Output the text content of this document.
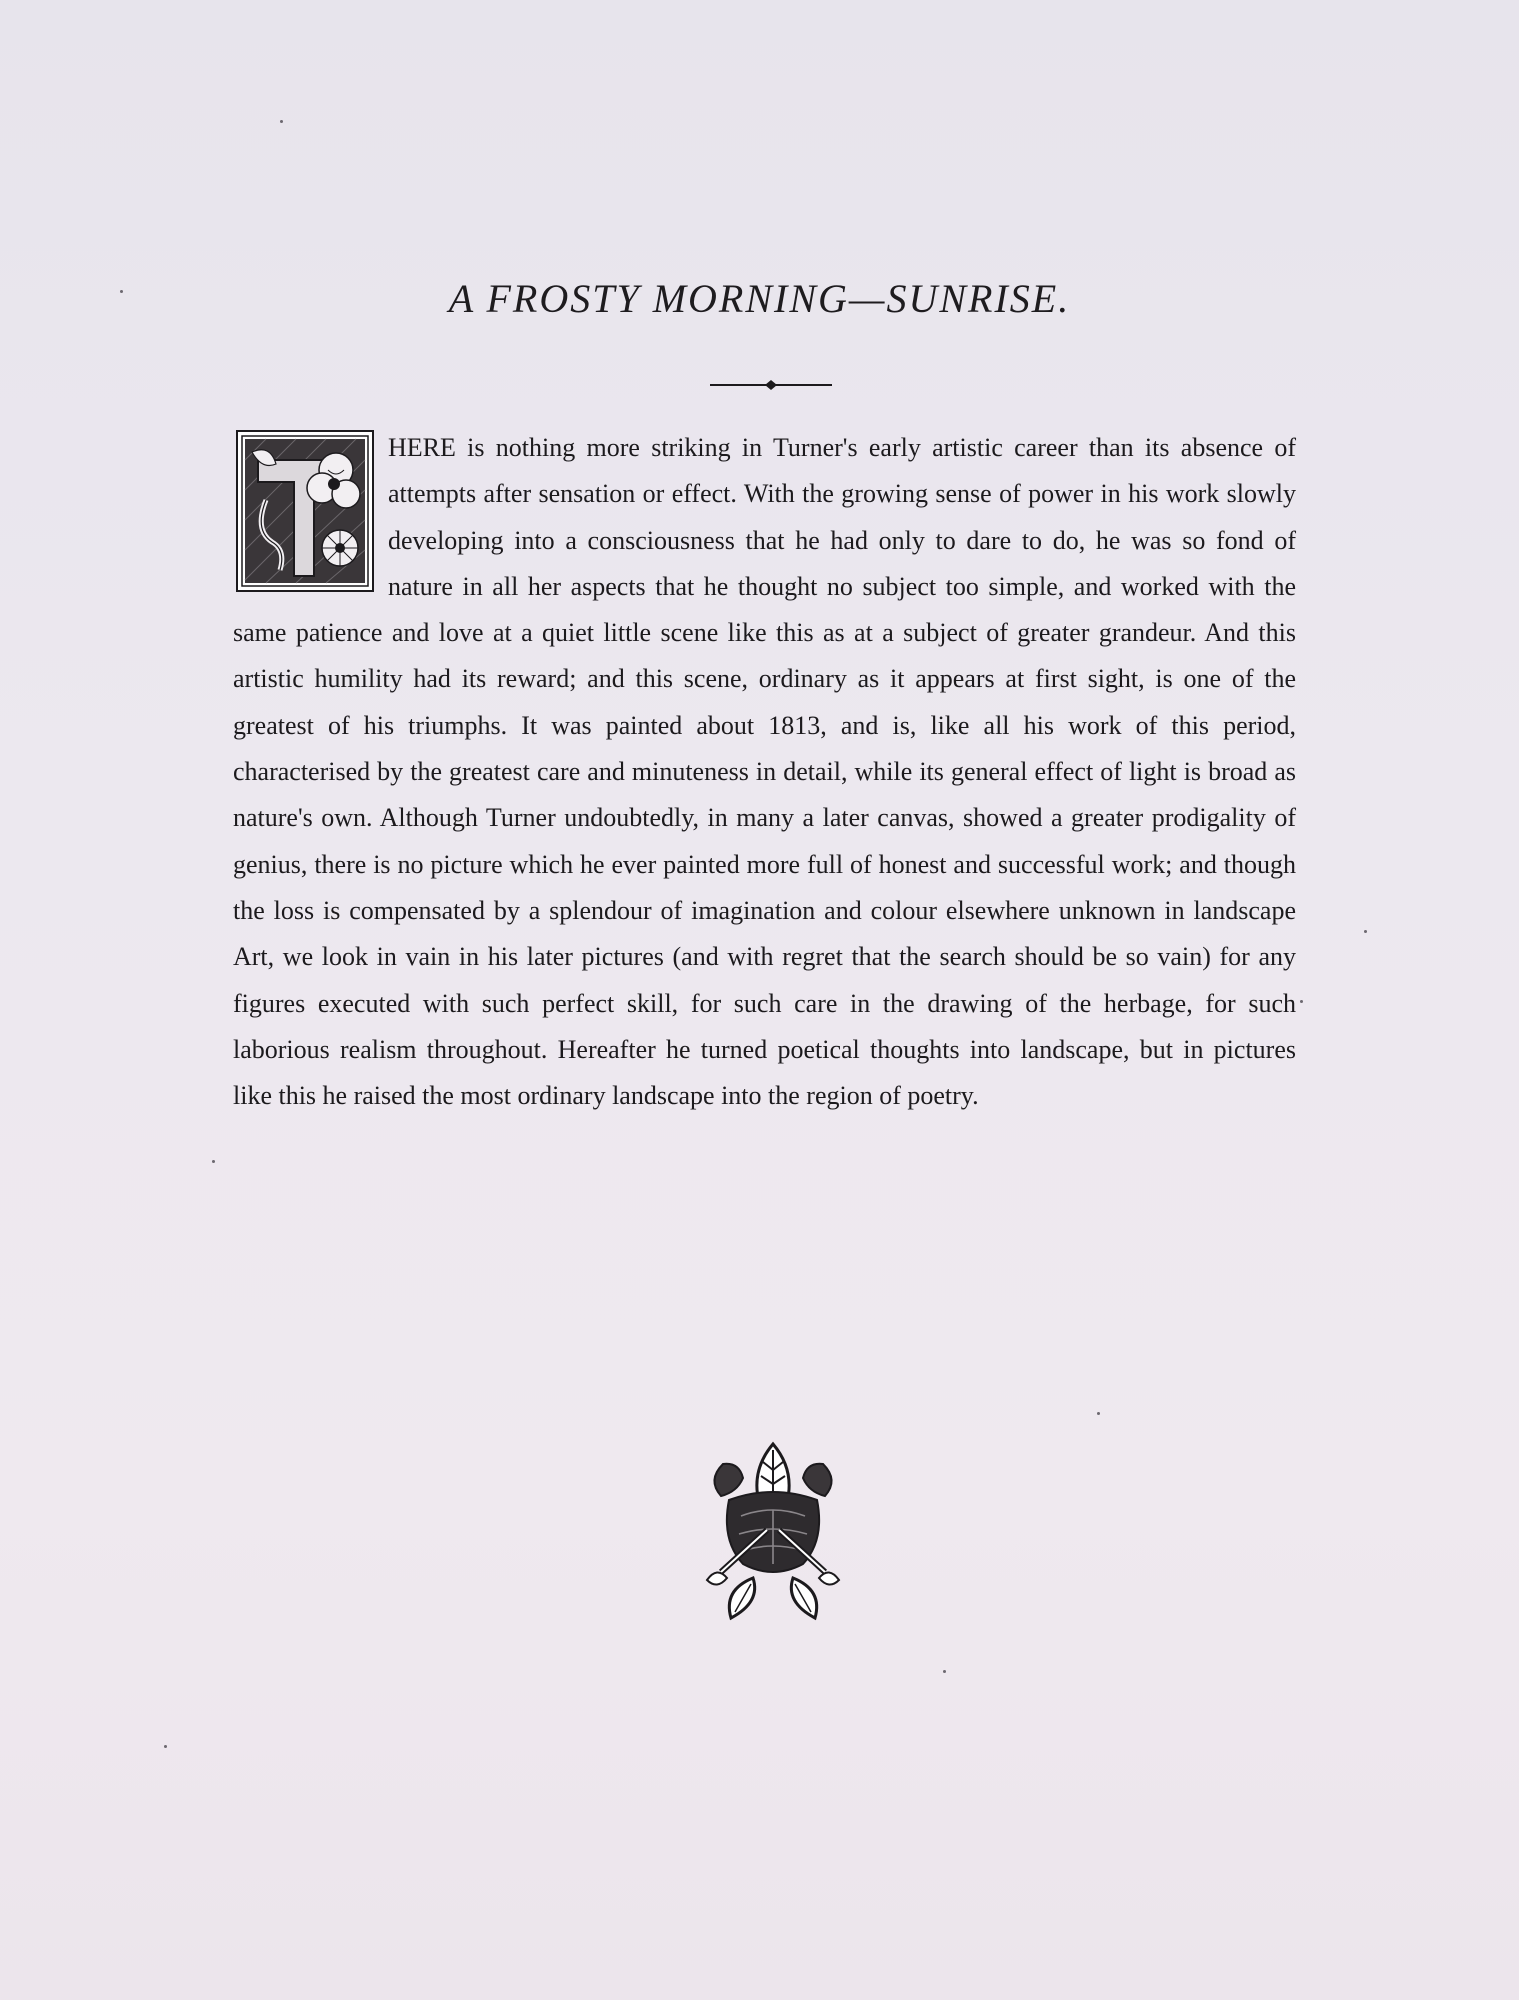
A FROSTY MORNING—SUNRISE.
HERE is nothing more striking in Turner's early artistic career than its absence of attempts after sensation or effect. With the growing sense of power in his work slowly developing into a consciousness that he had only to dare to do, he was so fond of nature in all her aspects that he thought no subject too simple, and worked with the same patience and love at a quiet little scene like this as at a subject of greater grandeur. And this artistic humility had its reward; and this scene, ordinary as it appears at first sight, is one of the greatest of his triumphs. It was painted about 1813, and is, like all his work of this period, characterised by the greatest care and minuteness in detail, while its general effect of light is broad as nature's own. Although Turner undoubtedly, in many a later canvas, showed a greater prodigality of genius, there is no picture which he ever painted more full of honest and successful work; and though the loss is compensated by a splendour of imagination and colour elsewhere unknown in landscape Art, we look in vain in his later pictures (and with regret that the search should be so vain) for any figures executed with such perfect skill, for such care in the drawing of the herbage, for such laborious realism throughout. Hereafter he turned poetical thoughts into landscape, but in pictures like this he raised the most ordinary landscape into the region of poetry.
